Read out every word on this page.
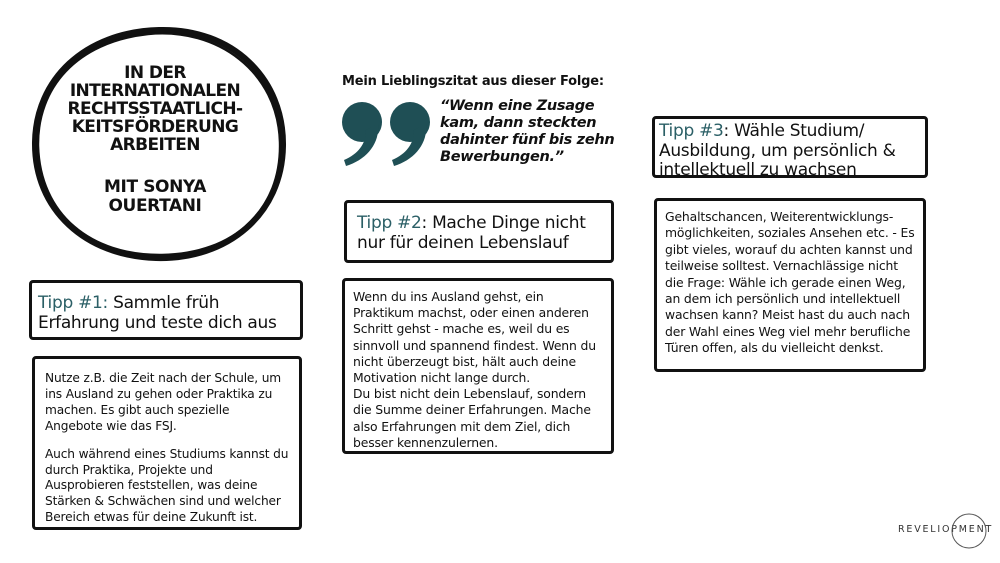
IN DER
INTERNATIONALEN
RECHTSSTAATLICH-
KEITSFÖRDERUNG
ARBEITEN
MIT SONYA
OUERTANI
Mein Lieblingszitat aus dieser Folge:
“Wenn eine Zusage kam, dann steckten dahinter fünf bis zehn Bewerbungen.”
Tipp #1: Sammle früh Erfahrung und teste dich aus

Nutze z.B. die Zeit nach der Schule, um ins Ausland zu gehen oder Praktika zu machen. Es gibt auch spezielle Angebote wie das FSJ.

Auch während eines Studiums kannst du durch Praktika, Projekte und Ausprobieren feststellen, was deine Stärken & Schwächen sind und welcher Bereich etwas für deine Zukunft ist.

Tipp #2: Mache Dinge nicht nur für deinen Lebenslauf

Wenn du ins Ausland gehst, ein Praktikum machst, oder einen anderen Schritt gehst - mache es, weil du es sinnvoll und spannend findest. Wenn du nicht überzeugt bist, hält auch deine Motivation nicht lange durch.
Du bist nicht dein Lebenslauf, sondern die Summe deiner Erfahrungen. Mache also Erfahrungen mit dem Ziel, dich besser kennenzulernen.

Tipp #3: Wähle Studium/ Ausbildung, um persönlich & intellektuell zu wachsen

Gehaltschancen, Weiterentwicklungs-möglichkeiten, soziales Ansehen etc. - Es gibt vieles, worauf du achten kannst und teilweise solltest. Vernachlässige nicht die Frage: Wähle ich gerade einen Weg, an dem ich persönlich und intellektuell wachsen kann? Meist hast du auch nach der Wahl eines Weg viel mehr berufliche Türen offen, als du vielleicht denkst.

REVELIOPMENT
